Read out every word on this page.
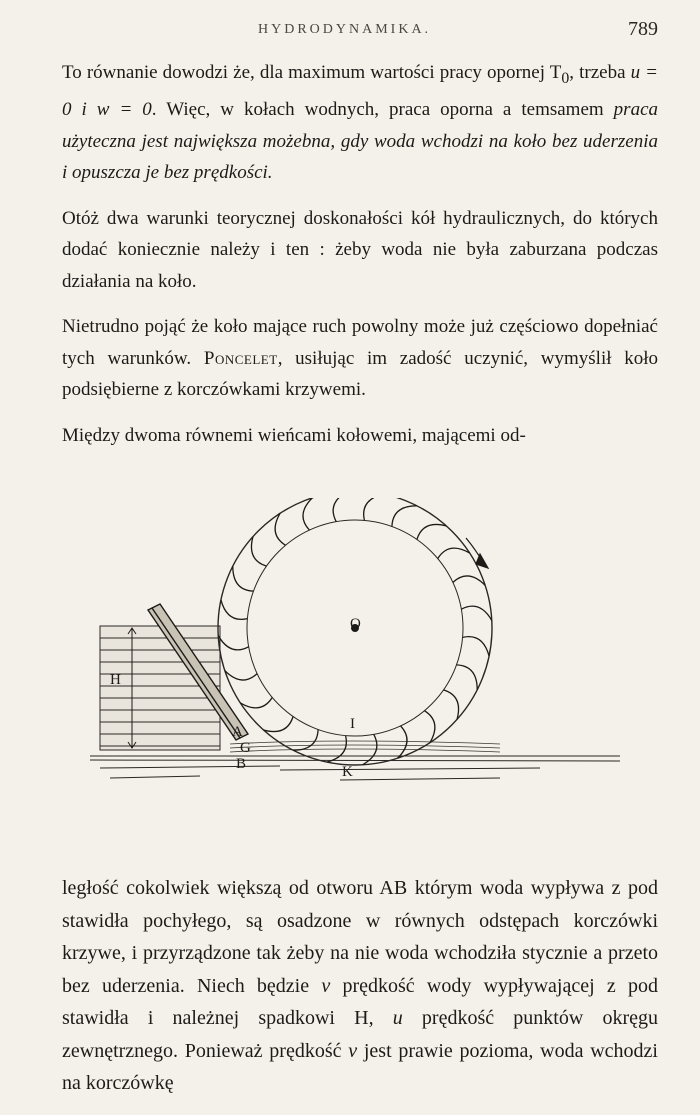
HYDRODYNAMIKA.	789

To równanie dowodzi że, dla maximum wartości pracy opornej $T_0$, trzeba u = 0 i w = 0. Więc, w kołach wodnych, praca oporna a temsamem praca użyteczna jest największa możebna, gdy woda wchodzi na koło bez uderzenia i opuszcza je bez prędkości.

Otóż dwa warunki teorycznej doskonałości kół hydraulicznych, do których dodać koniecznie należy i ten : żeby woda nie była zaburzana podczas działania na koło.

Nietrudno pojąć że koło mające ruch powolny może już częściowo dopełniać tych warunków. Poncelet, usiłując im zadość uczynić, wymyślił koło podsiębierne z korczówkami krzywemi.

Między dwoma równemi wieńcami kołowemi, mającemi od-

H
A
G
B
O
I
K

ległość cokolwiek większą od otworu AB którym woda wypływa z pod stawidła pochyłego, są osadzone w równych odstępach korczówki krzywe, i przyrządzone tak żeby na nie woda wchodziła stycznie a przeto bez uderzenia. Niech będzie v prędkość wody wypływającej z pod stawidła i należnej spadkowi H, u prędkość punktów okręgu zewnętrznego. Ponieważ prędkość v jest prawie pozioma, woda wchodzi na korczówkę
